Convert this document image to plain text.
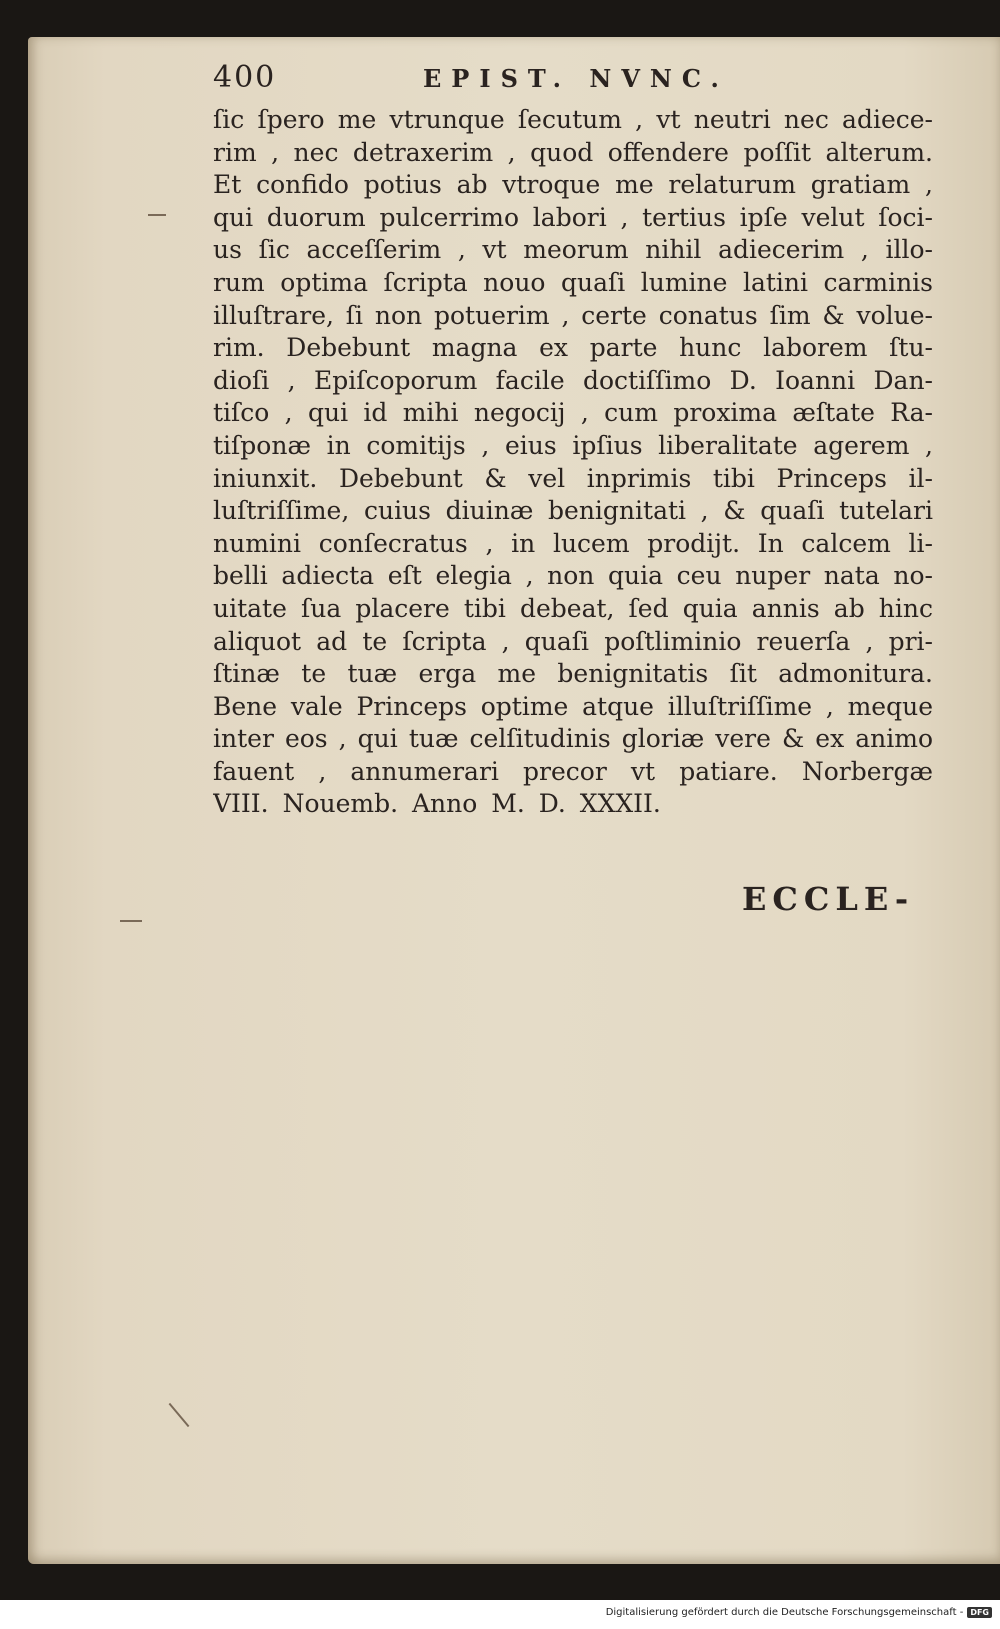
400	EPIST. NVNC.
ſic ſpero me vtrunque ſecutum , vt neutri nec adiece-
rim , nec detraxerim , quod offendere poſſit alterum.
Et confido potius ab vtroque me relaturum gratiam ,
qui duorum pulcerrimo labori , tertius ipſe velut ſoci-
us ſic acceſſerim , vt meorum nihil adiecerim , illo-
rum optima ſcripta nouo quaſi lumine latini carminis
illuſtrare, ſi non potuerim , certe conatus ſim & volue-
rim. Debebunt magna ex parte hunc laborem ſtu-
dioſi , Epiſcoporum facile doctiſſimo D. Ioanni Dan-
tiſco , qui id mihi negocij , cum proxima æſtate Ra-
tiſponæ in comitijs , eius ipſius liberalitate agerem ,
iniunxit. Debebunt & vel inprimis tibi Princeps il-
luſtriſſime, cuius diuinæ benignitati , & quaſi tutelari
numini conſecratus , in lucem prodijt. In calcem li-
belli adiecta eſt elegia , non quia ceu nuper nata no-
uitate ſua placere tibi debeat, ſed quia annis ab hinc
aliquot ad te ſcripta , quaſi poſtliminio reuerſa , pri-
ſtinæ te tuæ erga me benignitatis ſit admonitura.
Bene vale Princeps optime atque illuſtriſſime , meque
inter eos , qui tuæ celſitudinis gloriæ vere & ex animo
fauent , annumerari precor vt patiare. Norbergæ
VIII. Nouemb. Anno M. D. XXXII.
ECCLE-
Digitalisierung gefördert durch die Deutsche Forschungsgemeinschaft - DFG
